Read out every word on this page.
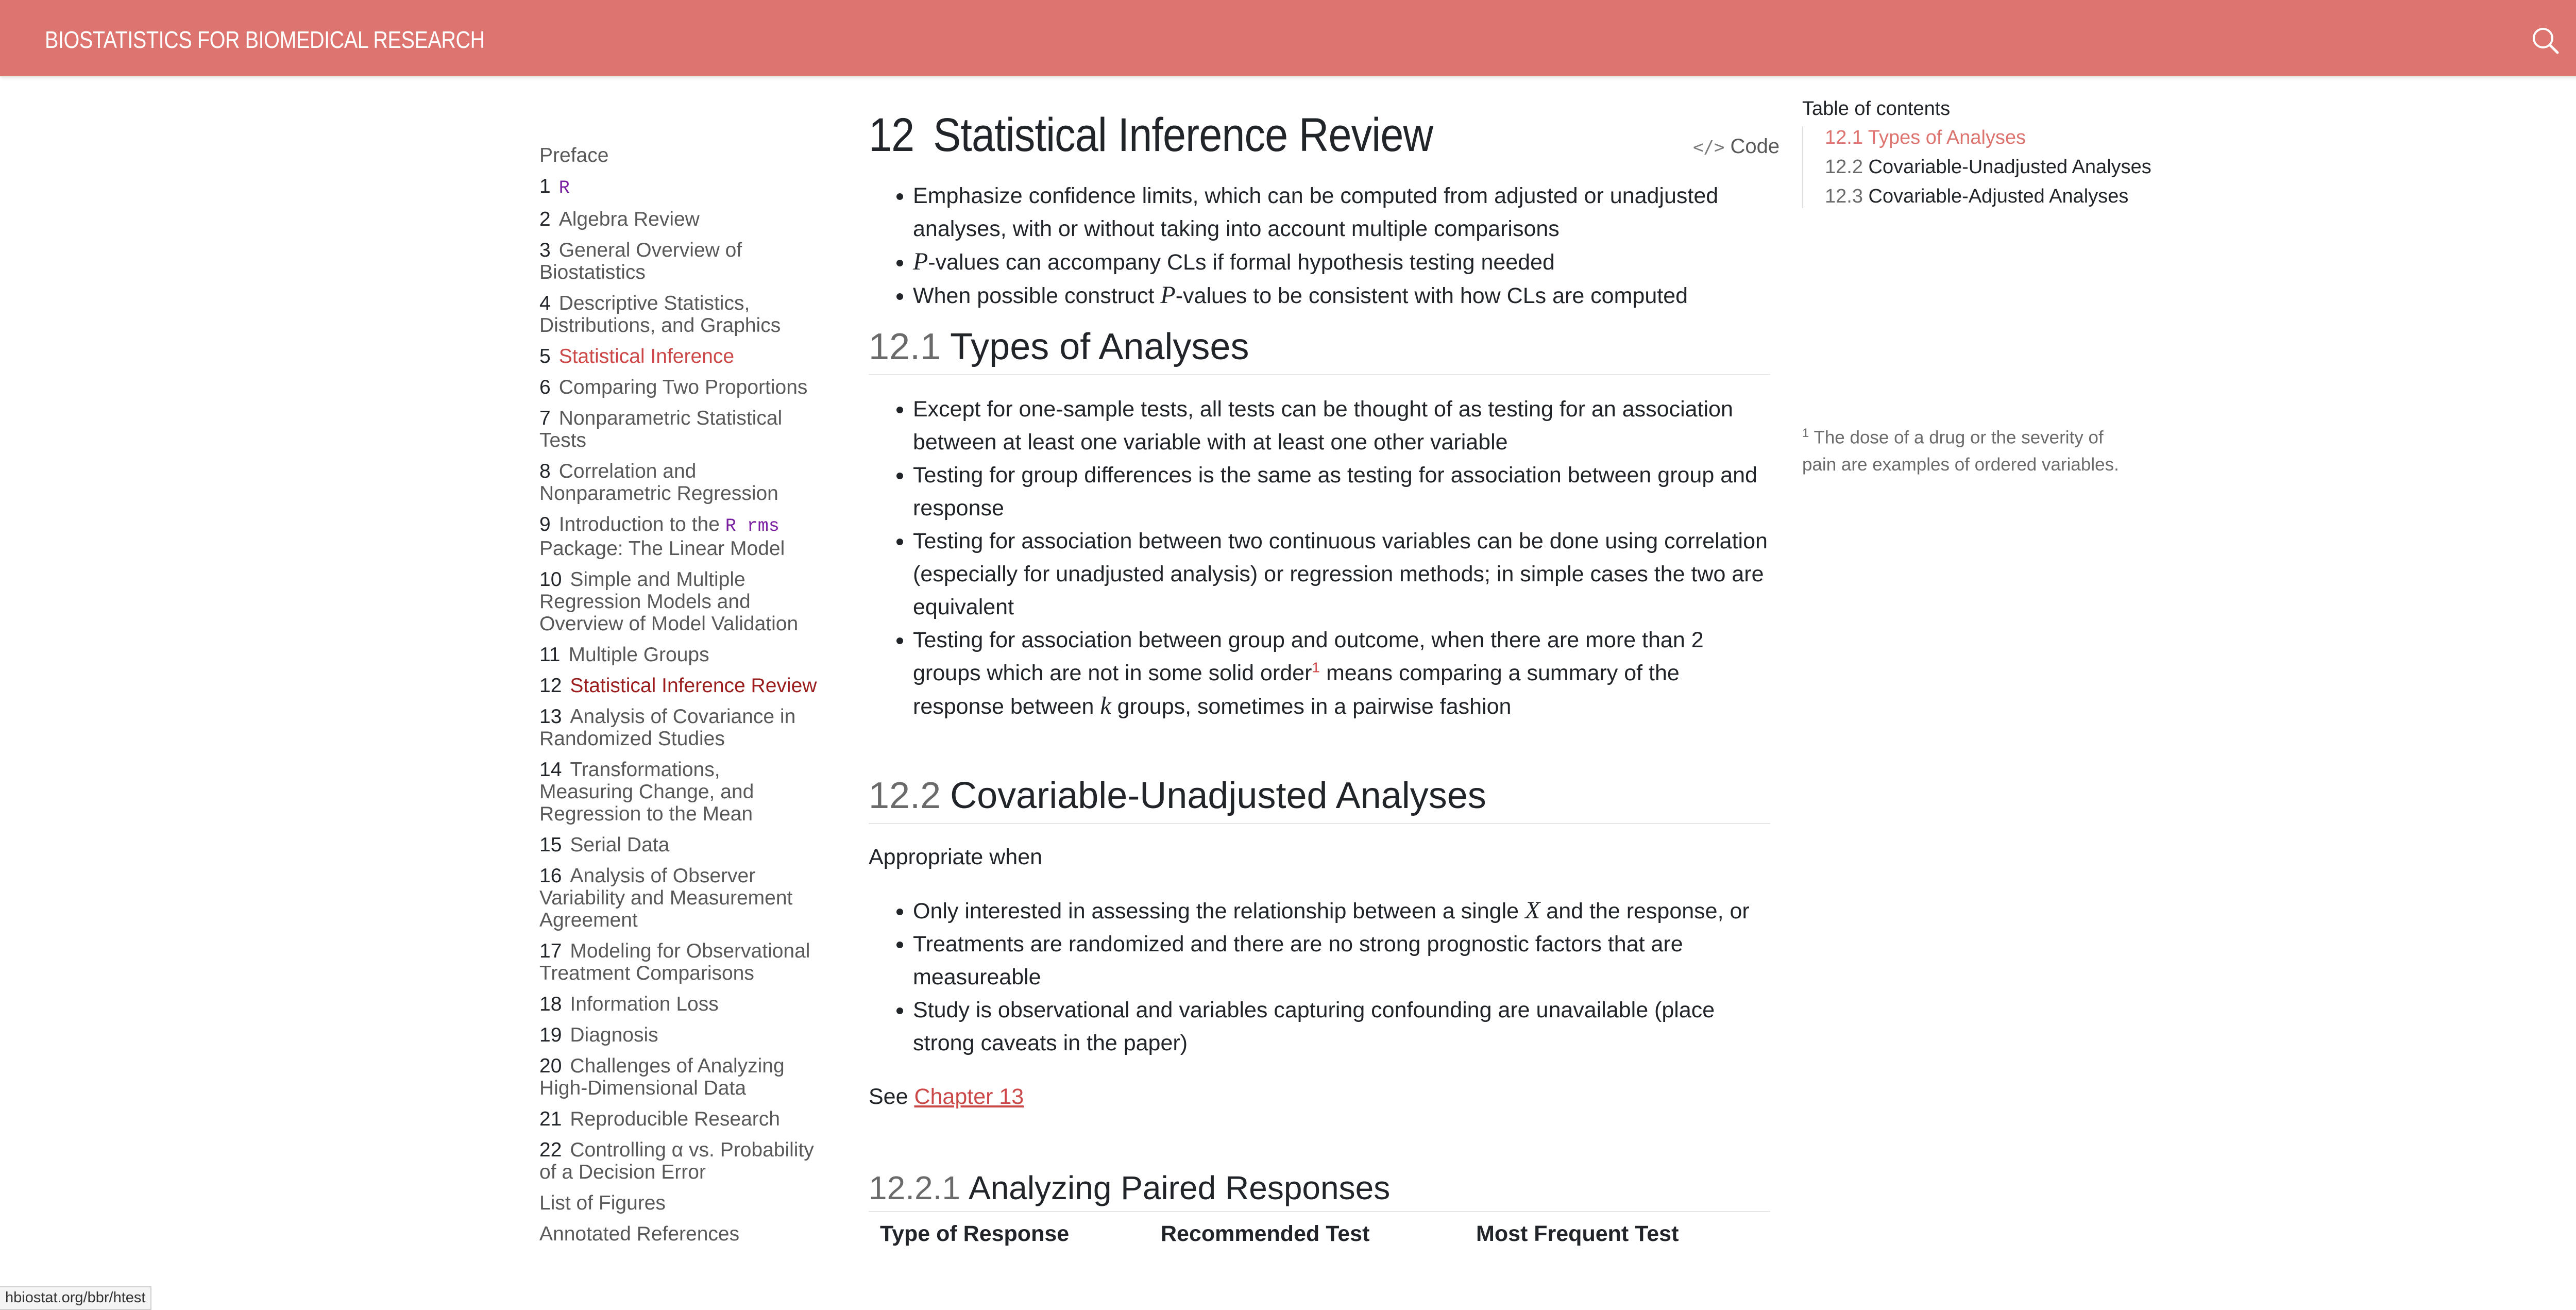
BIOSTATISTICS FOR BIOMEDICAL RESEARCH
Preface
1 R
2 Algebra Review
3 General Overview of Biostatistics
4 Descriptive Statistics, Distributions, and Graphics
5 Statistical Inference
6 Comparing Two Proportions
7 Nonparametric Statistical Tests
8 Correlation and Nonparametric Regression
9 Introduction to the R rms Package: The Linear Model
10 Simple and Multiple Regression Models and Overview of Model Validation
11 Multiple Groups
12 Statistical Inference Review
13 Analysis of Covariance in Randomized Studies
14 Transformations, Measuring Change, and Regression to the Mean
15 Serial Data
16 Analysis of Observer Variability and Measurement Agreement
17 Modeling for Observational Treatment Comparisons
18 Information Loss
19 Diagnosis
20 Challenges of Analyzing High-Dimensional Data
21 Reproducible Research
22 Controlling α vs. Probability of a Decision Error
List of Figures
Annotated References
12 Statistical Inference Review	</> Code
• Emphasize confidence limits, which can be computed from adjusted or unadjusted analyses, with or without taking into account multiple comparisons
• P-values can accompany CLs if formal hypothesis testing needed
• When possible construct P-values to be consistent with how CLs are computed
12.1 Types of Analyses
• Except for one-sample tests, all tests can be thought of as testing for an association between at least one variable with at least one other variable
• Testing for group differences is the same as testing for association between group and response
• Testing for association between two continuous variables can be done using correlation (especially for unadjusted analysis) or regression methods; in simple cases the two are equivalent
• Testing for association between group and outcome, when there are more than 2 groups which are not in some solid order$^1$ means comparing a summary of the response between k groups, sometimes in a pairwise fashion
12.2 Covariable-Unadjusted Analyses

Appropriate when

• Only interested in assessing the relationship between a single X and the response, or
• Treatments are randomized and there are no strong prognostic factors that are measureable
• Study is observational and variables capturing confounding are unavailable (place strong caveats in the paper)

See Chapter 13

12.2.1 Analyzing Paired Responses
Type of Response	Recommended Test	Most Frequent Test
Table of contents
12.1 Types of Analyses
12.2 Covariable-Unadjusted Analyses
12.3 Covariable-Adjusted Analyses
$^1$ The dose of a drug or the severity of pain are examples of ordered variables.
hbiostat.org/bbr/htest
